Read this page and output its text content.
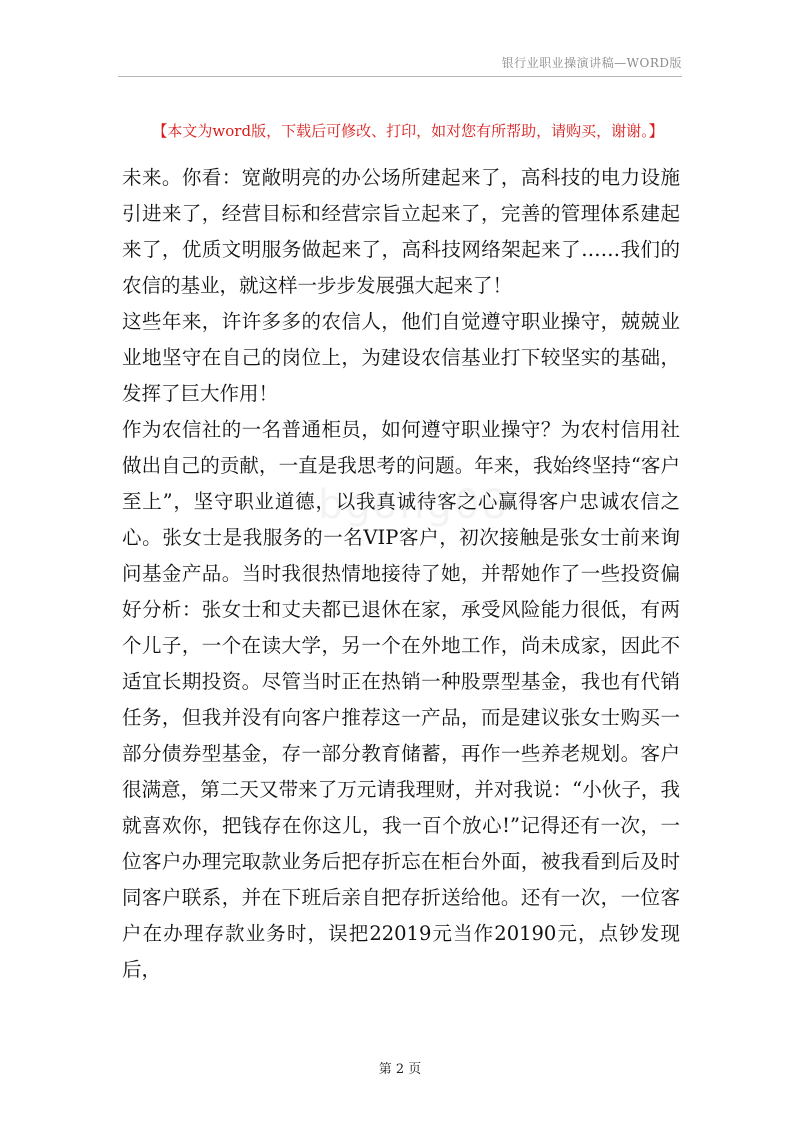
银行业职业操演讲稿—WORD版
【本文为word版，下载后可修改、打印，如对您有所帮助，请购买，谢谢。】

未来。你看：宽敞明亮的办公场所建起来了，高科技的电力设施引进来了，经营目标和经营宗旨立起来了，完善的管理体系建起来了，优质文明服务做起来了，高科技网络架起来了……我们的农信的基业，就这样一步步发展强大起来了！

这些年来，许许多多的农信人，他们自觉遵守职业操守，兢兢业业地坚守在自己的岗位上，为建设农信基业打下较坚实的基础，发挥了巨大作用！

作为农信社的一名普通柜员，如何遵守职业操守？为农村信用社做出自己的贡献，一直是我思考的问题。年来，我始终坚持“客户至上”，坚守职业道德，以我真诚待客之心赢得客户忠诚农信之心。张女士是我服务的一名VIP客户，初次接触是张女士前来询问基金产品。当时我很热情地接待了她，并帮她作了一些投资偏好分析：张女士和丈夫都已退休在家，承受风险能力很低，有两个儿子，一个在读大学，另一个在外地工作，尚未成家，因此不适宜长期投资。尽管当时正在热销一种股票型基金，我也有代销任务，但我并没有向客户推荐这一产品，而是建议张女士购买一部分债券型基金，存一部分教育储蓄，再作一些养老规划。客户很满意，第二天又带来了万元请我理财，并对我说：“小伙子，我就喜欢你，把钱存在你这儿，我一百个放心!”记得还有一次，一位客户办理完取款业务后把存折忘在柜台外面，被我看到后及时同客户联系，并在下班后亲自把存折送给他。还有一次，一位客户在办理存款业务时，误把22019元当作20190元，点钞发现后，

第 2 页
